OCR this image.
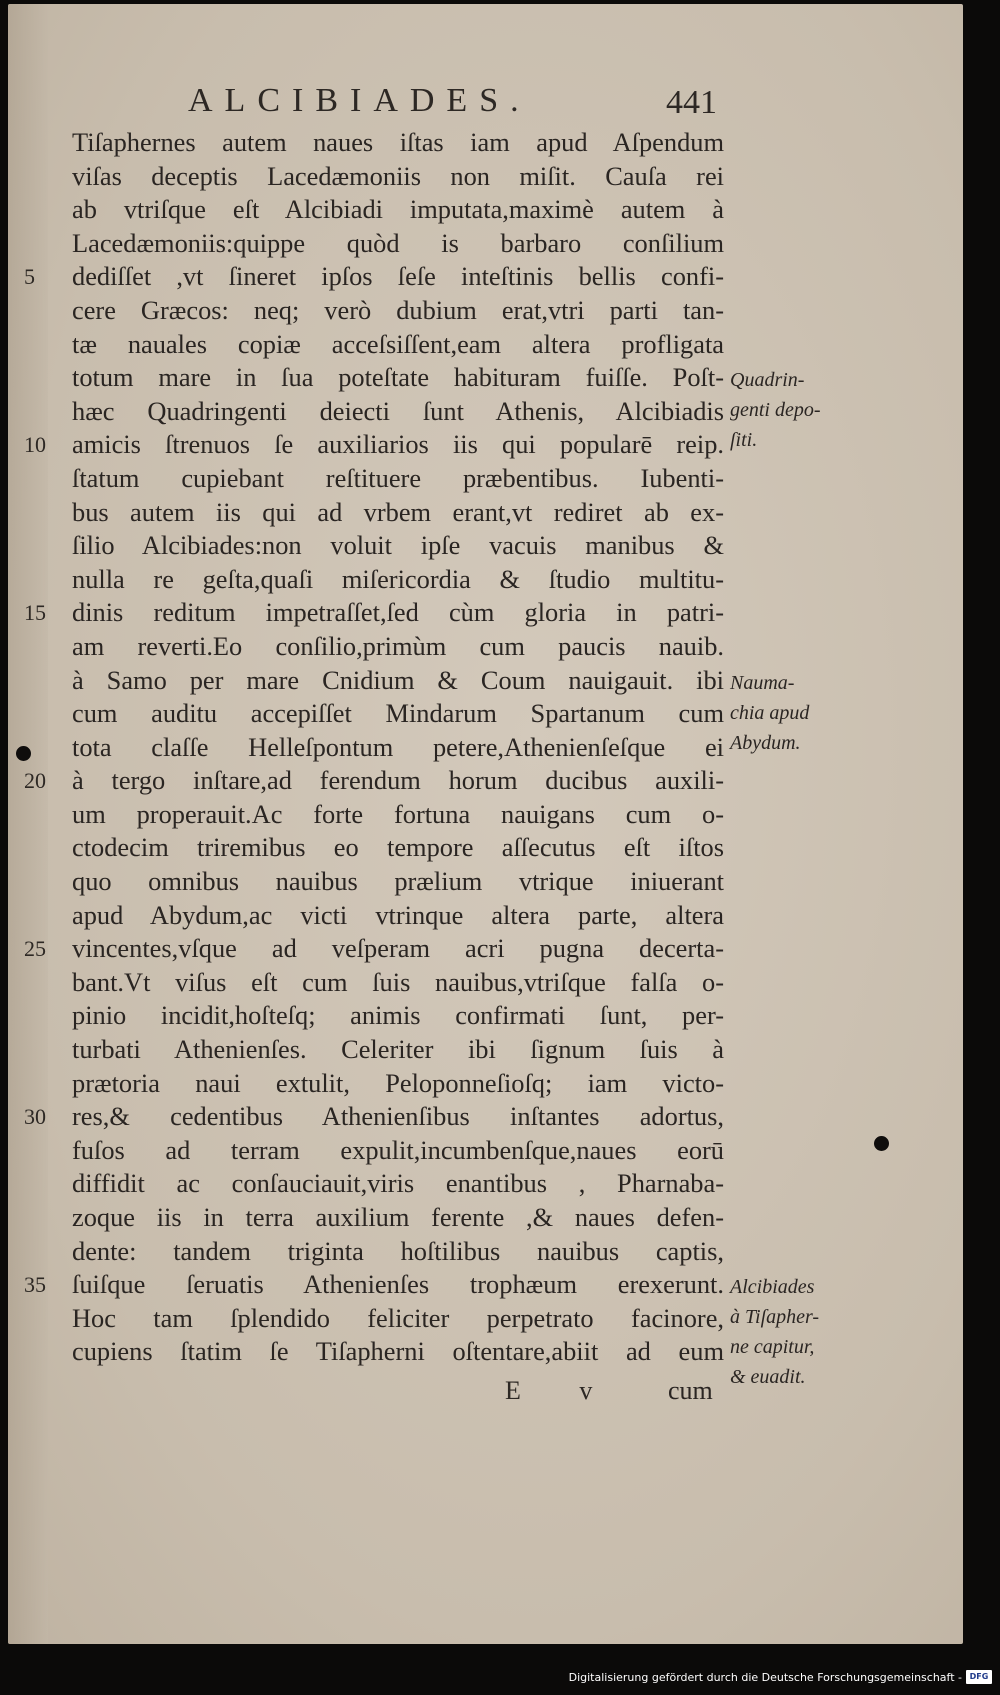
ALCIBIADES.	441
5
10
15
20
25
30
35
Tiſaphernes autem naues iſtas iam apud Aſpendum
viſas deceptis Lacedæmoniis non miſit. Cauſa rei
ab vtriſque eſt Alcibiadi imputata,maximè autem à
Lacedæmoniis:quippe quòd is barbaro conſilium
dediſſet ,vt ſineret ipſos ſeſe inteſtinis bellis confi-
cere Græcos: neq; verò dubium erat,vtri parti tan-
tæ nauales copiæ acceſsiſſent,eam altera profligata
totum mare in ſua poteſtate habituram fuiſſe. Poſt-
hæc Quadringenti deiecti ſunt Athenis, Alcibiadis
amicis ſtrenuos ſe auxiliarios iis qui popularē reip.
ſtatum cupiebant reſtituere præbentibus. Iubenti-
bus autem iis qui ad vrbem erant,vt rediret ab ex-
ſilio Alcibiades:non voluit ipſe vacuis manibus &
nulla re geſta,quaſi miſericordia & ſtudio multitu-
dinis reditum impetraſſet,ſed cùm gloria in patri-
am reverti.Eo conſilio,primùm cum paucis nauib.
à Samo per mare Cnidium & Coum nauigauit. ibi
cum auditu accepiſſet Mindarum Spartanum cum
tota claſſe Helleſpontum petere,Athenienſeſque ei
à tergo inſtare,ad ferendum horum ducibus auxili-
um properauit.Ac forte fortuna nauigans cum o-
ctodecim triremibus eo tempore aſſecutus eſt iſtos
quo omnibus nauibus prælium vtrique iniuerant
apud Abydum,ac victi vtrinque altera parte, altera
vincentes,vſque ad veſperam acri pugna decerta-
bant.Vt viſus eſt cum ſuis nauibus,vtriſque falſa o-
pinio incidit,hoſteſq; animis confirmati ſunt, per-
turbati Athenienſes. Celeriter ibi ſignum ſuis à
prætoria naui extulit, Peloponneſioſq; iam victo-
res,& cedentibus Athenienſibus inſtantes adortus,
fuſos ad terram expulit,incumbenſque,naues eorū
diffidit ac conſauciauit,viris enantibus , Pharnaba-
zoque iis in terra auxilium ferente ,& naues defen-
dente: tandem triginta hoſtilibus nauibus captis,
ſuiſque ſeruatis Athenienſes trophæum erexerunt.
Hoc tam ſplendido feliciter perpetrato facinore,
cupiens ſtatim ſe Tiſapherni oſtentare,abiit ad eum
Quadrin-
genti depo-
ſiti.
Nauma-
chia apud
Abydum.
Alcibiades
à Tiſapher-
ne capitur,
& euadit.
E v cum
Digitalisierung gefördert durch die Deutsche Forschungsgemeinschaft - DFG
